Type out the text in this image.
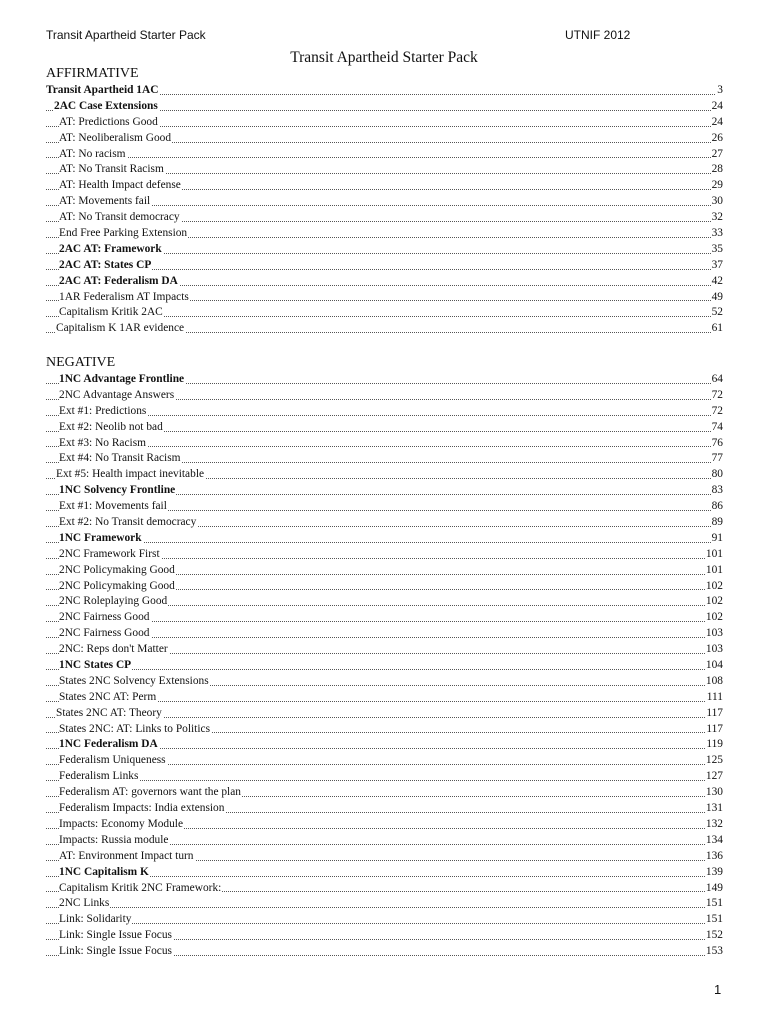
Transit Apartheid Starter Pack	UTNIF 2012
Transit Apartheid Starter Pack
AFFIRMATIVE
Transit Apartheid 1AC	3
2AC Case Extensions	24
AT: Predictions Good	24
AT: Neoliberalism Good	26
AT: No racism	27
AT: No Transit Racism	28
AT: Health Impact defense	29
AT: Movements fail	30
AT: No Transit democracy	32
End Free Parking Extension	33
2AC AT: Framework	35
2AC AT: States CP	37
2AC AT: Federalism DA	42
1AR Federalism AT Impacts	49
Capitalism Kritik 2AC	52
Capitalism K 1AR evidence	61
NEGATIVE
1NC Advantage Frontline	64
2NC Advantage Answers	72
Ext #1: Predictions	72
Ext #2: Neolib not bad	74
Ext #3: No Racism	76
Ext #4: No Transit Racism	77
Ext #5: Health impact inevitable	80
1NC Solvency Frontline	83
Ext #1: Movements fail	86
Ext #2: No Transit democracy	89
1NC Framework	91
2NC Framework First	101
2NC Policymaking Good	101
2NC Policymaking Good	102
2NC Roleplaying Good	102
2NC Fairness Good	102
2NC Fairness Good	103
2NC: Reps don't Matter	103
1NC States CP	104
States 2NC Solvency Extensions	108
States 2NC AT: Perm	111
States 2NC AT: Theory	117
States 2NC: AT: Links to Politics	117
1NC Federalism DA	119
Federalism Uniqueness	125
Federalism Links	127
Federalism AT: governors want the plan	130
Federalism Impacts: India extension	131
Impacts: Economy Module	132
Impacts: Russia module	134
AT: Environment Impact turn	136
1NC Capitalism K	139
Capitalism Kritik 2NC Framework:	149
2NC Links	151
Link: Solidarity	151
Link: Single Issue Focus	152
Link: Single Issue Focus	153
1
